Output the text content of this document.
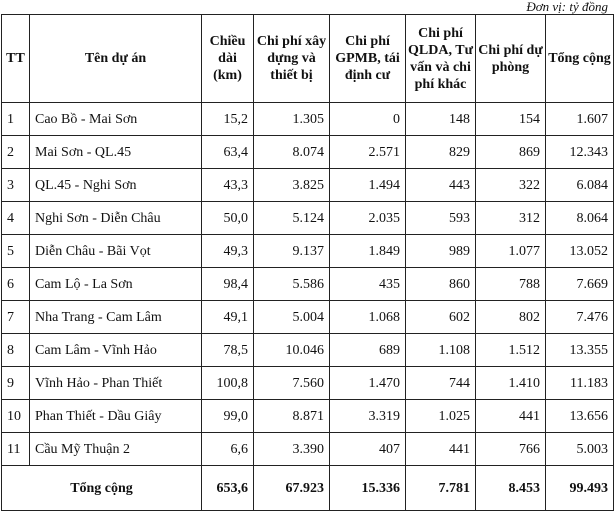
Đơn vị: tỷ đồng
TT	Tên dự án	Chiều dài (km)	Chi phí xây dựng và thiết bị	Chi phí GPMB, tái định cư	Chi phí QLDA, Tư vấn và chi phí khác	Chi phí dự phòng	Tổng cộng
1	Cao Bồ - Mai Sơn	15,2	1.305	0	148	154	1.607
2	Mai Sơn - QL.45	63,4	8.074	2.571	829	869	12.343
3	QL.45 - Nghi Sơn	43,3	3.825	1.494	443	322	6.084
4	Nghi Sơn - Diễn Châu	50,0	5.124	2.035	593	312	8.064
5	Diễn Châu - Bãi Vọt	49,3	9.137	1.849	989	1.077	13.052
6	Cam Lộ - La Sơn	98,4	5.586	435	860	788	7.669
7	Nha Trang - Cam Lâm	49,1	5.004	1.068	602	802	7.476
8	Cam Lâm - Vĩnh Hảo	78,5	10.046	689	1.108	1.512	13.355
9	Vĩnh Hảo - Phan Thiết	100,8	7.560	1.470	744	1.410	11.183
10	Phan Thiết - Dầu Giây	99,0	8.871	3.319	1.025	441	13.656
11	Cầu Mỹ Thuận 2	6,6	3.390	407	441	766	5.003
Tổng cộng		653,6	67.923	15.336	7.781	8.453	99.493
